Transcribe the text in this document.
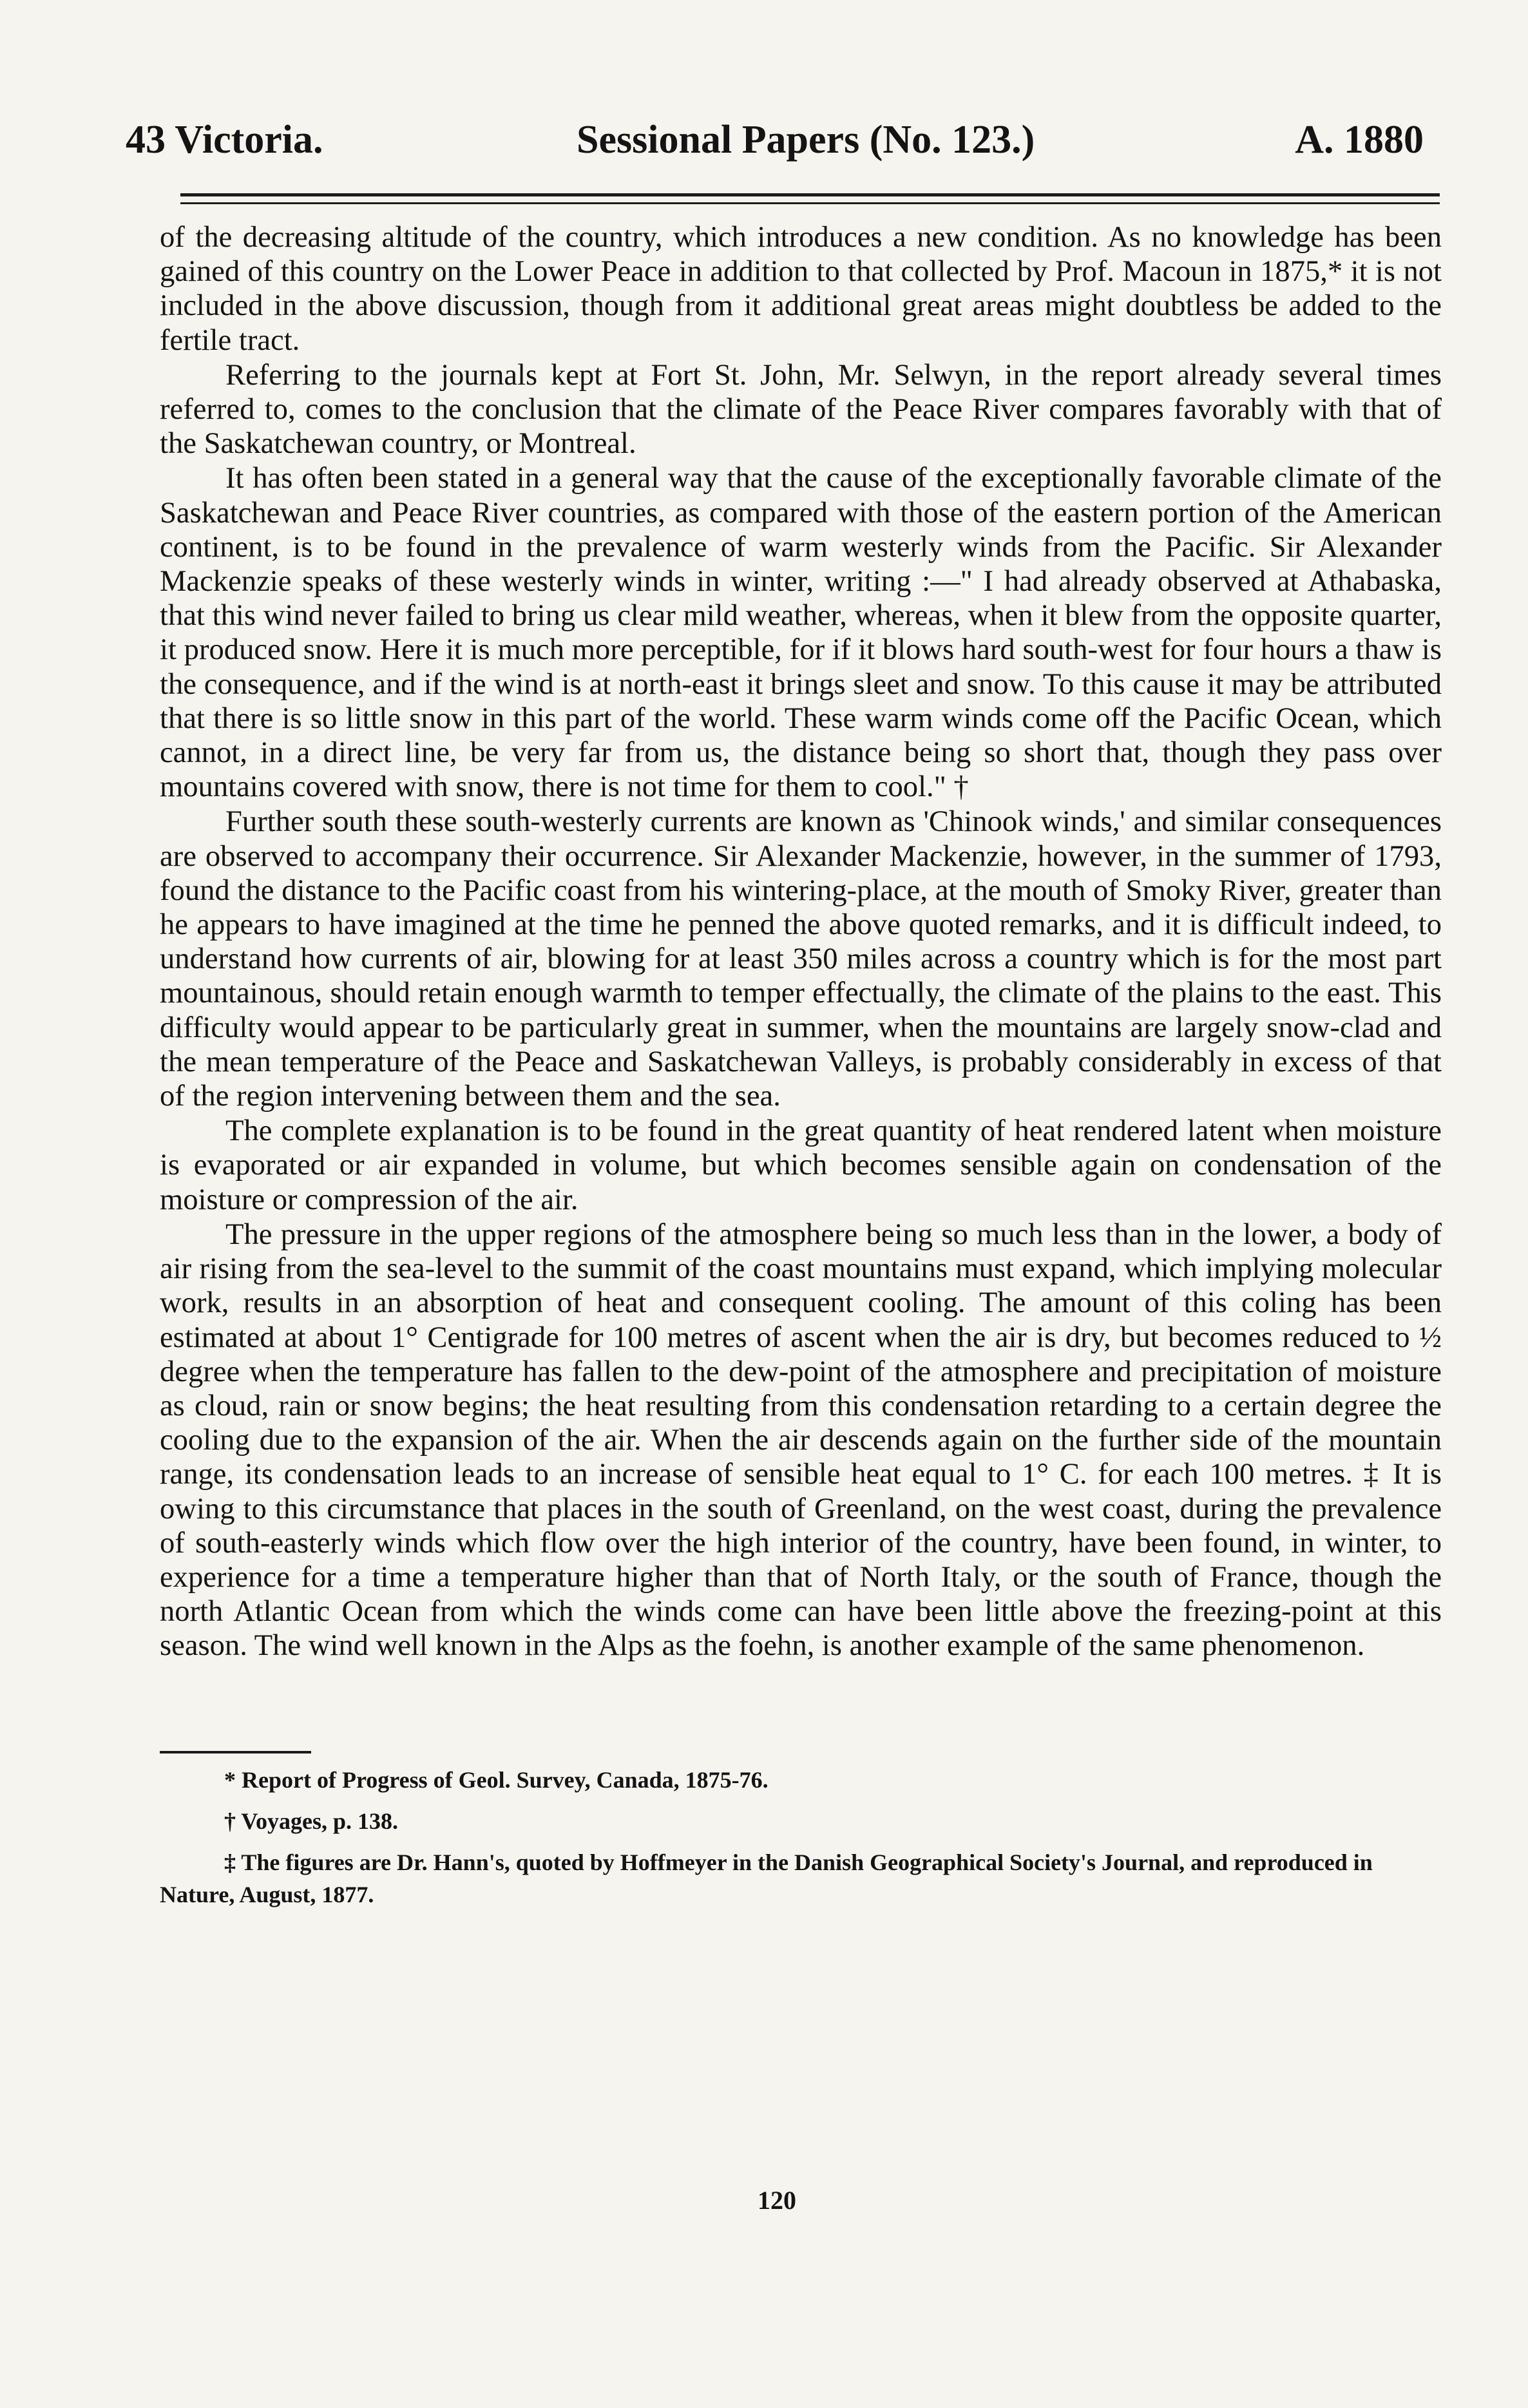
43 Victoria.	Sessional Papers (No. 123.)	A. 1880

of the decreasing altitude of the country, which introduces a new condition. As no knowledge has been gained of this country on the Lower Peace in addition to that collected by Prof. Macoun in 1875,* it is not included in the above discussion, though from it additional great areas might doubtless be added to the fertile tract.

Referring to the journals kept at Fort St. John, Mr. Selwyn, in the report already several times referred to, comes to the conclusion that the climate of the Peace River compares favorably with that of the Saskatchewan country, or Montreal.

It has often been stated in a general way that the cause of the exceptionally favorable climate of the Saskatchewan and Peace River countries, as compared with those of the eastern portion of the American continent, is to be found in the prevalence of warm westerly winds from the Pacific. Sir Alexander Mackenzie speaks of these westerly winds in winter, writing :—" I had already observed at Athabaska, that this wind never failed to bring us clear mild weather, whereas, when it blew from the opposite quarter, it produced snow. Here it is much more perceptible, for if it blows hard south-west for four hours a thaw is the consequence, and if the wind is at north-east it brings sleet and snow. To this cause it may be attributed that there is so little snow in this part of the world. These warm winds come off the Pacific Ocean, which cannot, in a direct line, be very far from us, the distance being so short that, though they pass over mountains covered with snow, there is not time for them to cool." †

Further south these south-westerly currents are known as 'Chinook winds,' and similar consequences are observed to accompany their occurrence. Sir Alexander Mackenzie, however, in the summer of 1793, found the distance to the Pacific coast from his wintering-place, at the mouth of Smoky River, greater than he appears to have imagined at the time he penned the above quoted remarks, and it is difficult indeed, to understand how currents of air, blowing for at least 350 miles across a country which is for the most part mountainous, should retain enough warmth to temper effectually, the climate of the plains to the east. This difficulty would appear to be particularly great in summer, when the mountains are largely snow-clad and the mean temperature of the Peace and Saskatchewan Valleys, is probably considerably in excess of that of the region intervening between them and the sea.

The complete explanation is to be found in the great quantity of heat rendered latent when moisture is evaporated or air expanded in volume, but which becomes sensible again on condensation of the moisture or compression of the air.

The pressure in the upper regions of the atmosphere being so much less than in the lower, a body of air rising from the sea-level to the summit of the coast mountains must expand, which implying molecular work, results in an absorption of heat and consequent cooling. The amount of this coling has been estimated at about 1° Centigrade for 100 metres of ascent when the air is dry, but becomes reduced to ½ degree when the temperature has fallen to the dew-point of the atmosphere and precipitation of moisture as cloud, rain or snow begins; the heat resulting from this condensation retarding to a certain degree the cooling due to the expansion of the air. When the air descends again on the further side of the mountain range, its condensation leads to an increase of sensible heat equal to 1° C. for each 100 metres. ‡ It is owing to this circumstance that places in the south of Greenland, on the west coast, during the prevalence of south-easterly winds which flow over the high interior of the country, have been found, in winter, to experience for a time a temperature higher than that of North Italy, or the south of France, though the north Atlantic Ocean from which the winds come can have been little above the freezing-point at this season. The wind well known in the Alps as the foehn, is another example of the same phenomenon.

* Report of Progress of Geol. Survey, Canada, 1875-76.

† Voyages, p. 138.

‡ The figures are Dr. Hann's, quoted by Hoffmeyer in the Danish Geographical Society's Journal, and reproduced in Nature, August, 1877.

120
